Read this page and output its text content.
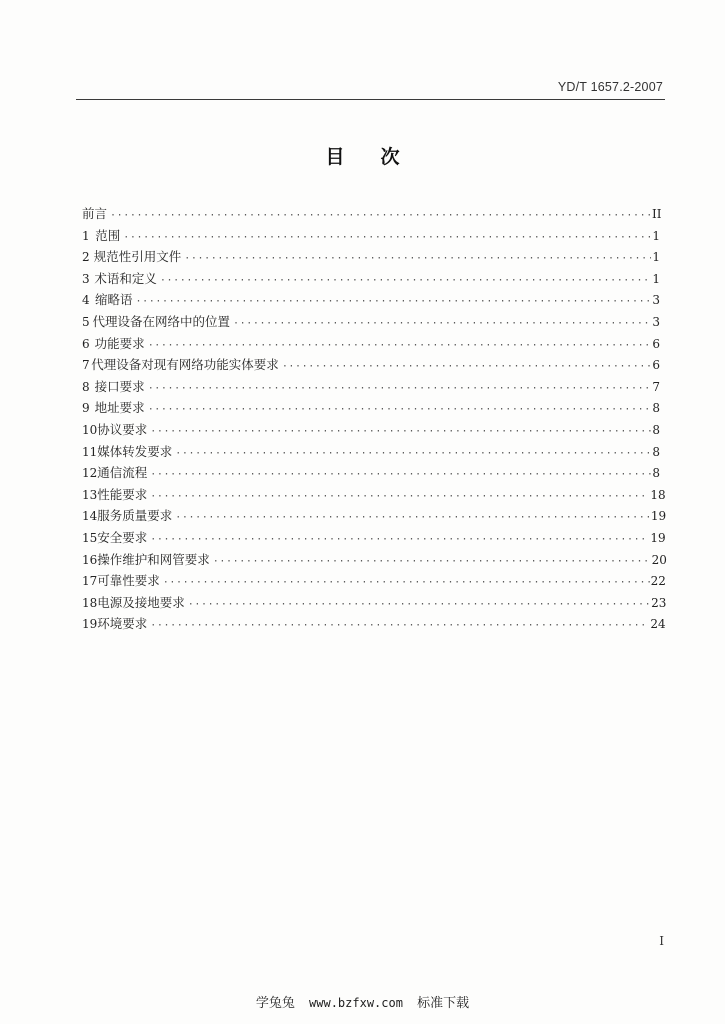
YD/T 1657.2-2007
目 次
前 言 ·····	II
1 范围 ·····	1
2 规范性引用文件 ·····	1
3 术语和定义 ·····	1
4 缩略语 ·····	3
5 代理设备在网络中的位置 ·····	3
6 功能要求 ·····	6
7 代理设备对现有网络功能实体要求 ·····	6
8 接口要求 ·····	7
9 地址要求 ·····	8
10 协议要求 ·····	8
11 媒体转发要求 ·····	8
12 通信流程 ·····	8
13 性能要求 ·····	18
14 服务质量要求 ·····	19
15 安全要求 ·····	19
16 操作维护和网管要求 ·····	20
17 可靠性要求 ·····	22
18 电源及接地要求 ·····	23
19 环境要求 ·····	24
I
学兔兔 www.bzfxw.com 标准下载
